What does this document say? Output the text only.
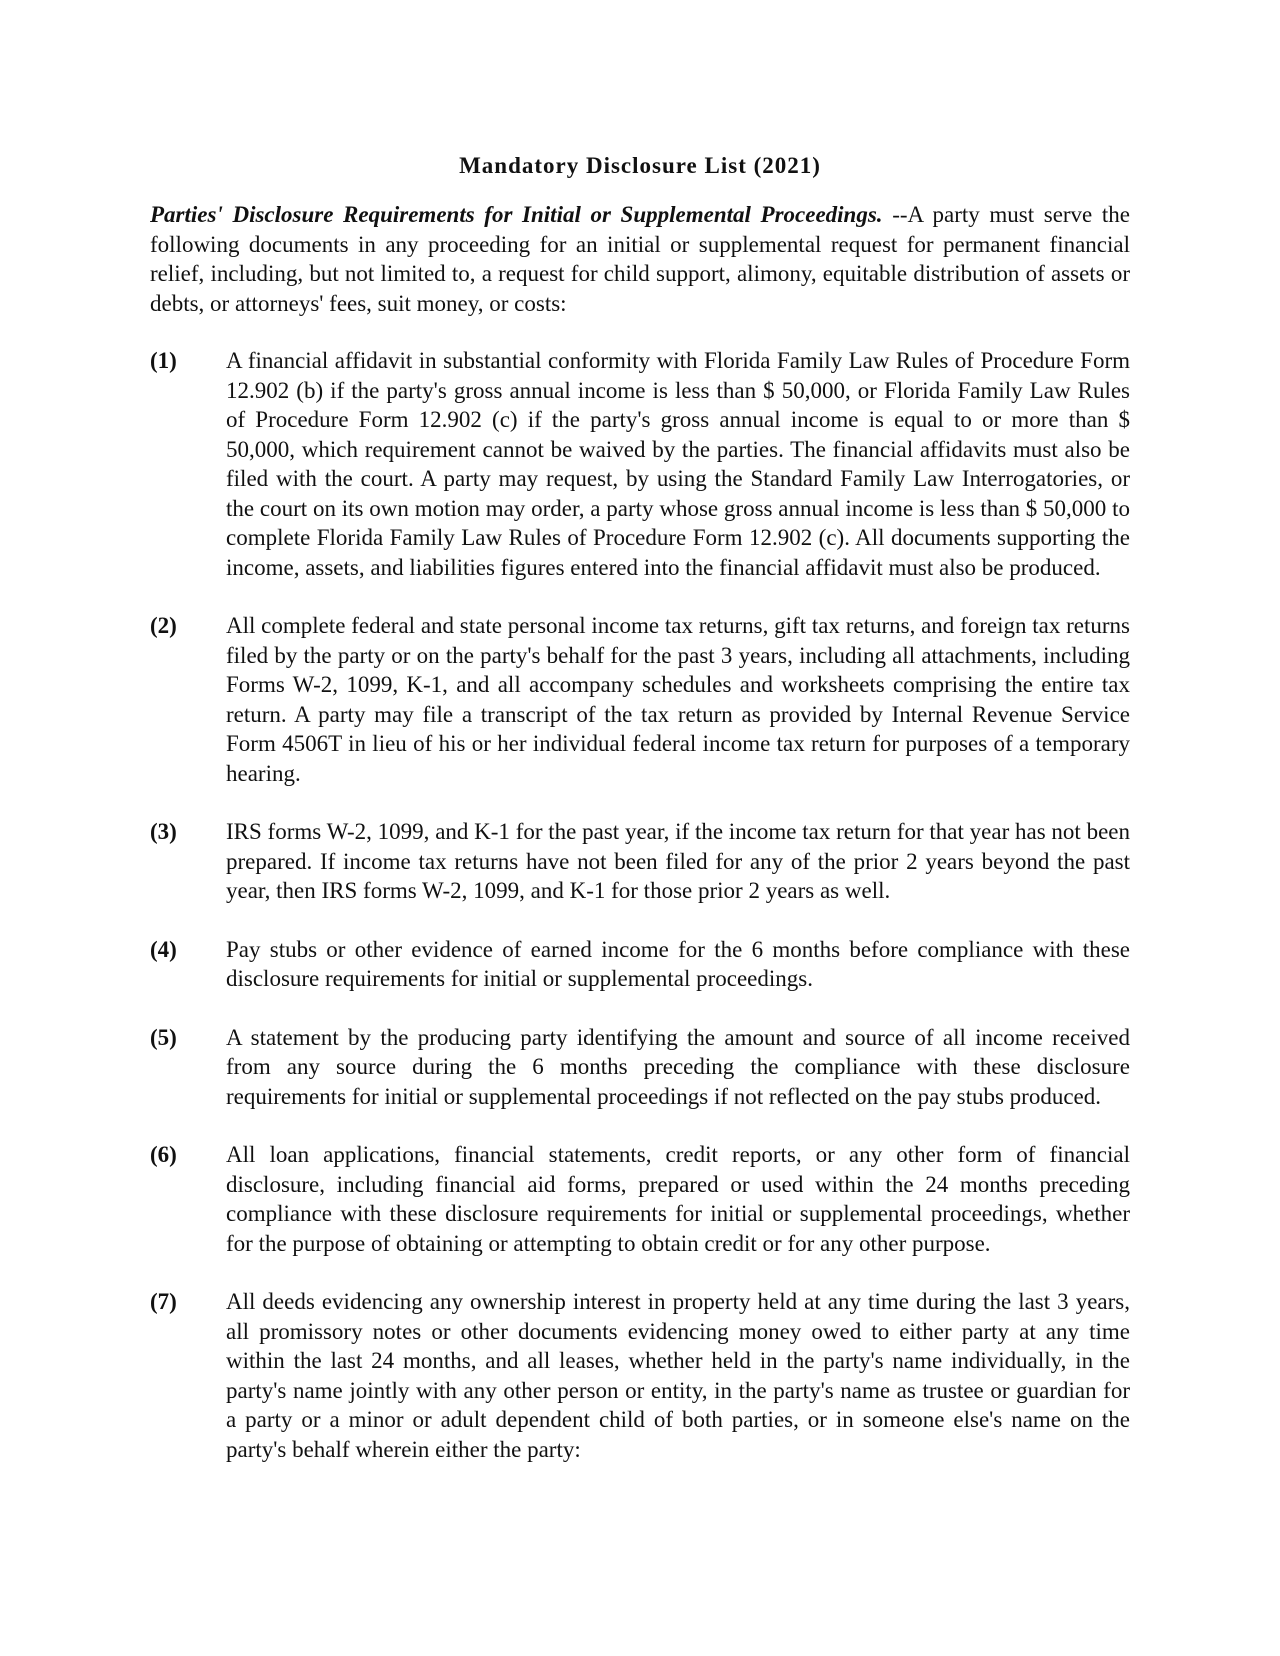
Mandatory Disclosure List (2021)

Parties' Disclosure Requirements for Initial or Supplemental Proceedings. --A party must serve the following documents in any proceeding for an initial or supplemental request for permanent financial relief, including, but not limited to, a request for child support, alimony, equitable distribution of assets or debts, or attorneys' fees, suit money, or costs:

(1)	A financial affidavit in substantial conformity with Florida Family Law Rules of Procedure Form 12.902 (b) if the party's gross annual income is less than $ 50,000, or Florida Family Law Rules of Procedure Form 12.902 (c) if the party's gross annual income is equal to or more than $ 50,000, which requirement cannot be waived by the parties. The financial affidavits must also be filed with the court. A party may request, by using the Standard Family Law Interrogatories, or the court on its own motion may order, a party whose gross annual income is less than $ 50,000 to complete Florida Family Law Rules of Procedure Form 12.902 (c). All documents supporting the income, assets, and liabilities figures entered into the financial affidavit must also be produced.
(2)	All complete federal and state personal income tax returns, gift tax returns, and foreign tax returns filed by the party or on the party's behalf for the past 3 years, including all attachments, including Forms W-2, 1099, K-1, and all accompany schedules and worksheets comprising the entire tax return. A party may file a transcript of the tax return as provided by Internal Revenue Service Form 4506T in lieu of his or her individual federal income tax return for purposes of a temporary hearing.
(3)	IRS forms W-2, 1099, and K-1 for the past year, if the income tax return for that year has not been prepared. If income tax returns have not been filed for any of the prior 2 years beyond the past year, then IRS forms W-2, 1099, and K-1 for those prior 2 years as well.
(4)	Pay stubs or other evidence of earned income for the 6 months before compliance with these disclosure requirements for initial or supplemental proceedings.
(5)	A statement by the producing party identifying the amount and source of all income received from any source during the 6 months preceding the compliance with these disclosure requirements for initial or supplemental proceedings if not reflected on the pay stubs produced.
(6)	All loan applications, financial statements, credit reports, or any other form of financial disclosure, including financial aid forms, prepared or used within the 24 months preceding compliance with these disclosure requirements for initial or supplemental proceedings, whether for the purpose of obtaining or attempting to obtain credit or for any other purpose.
(7)	All deeds evidencing any ownership interest in property held at any time during the last 3 years, all promissory notes or other documents evidencing money owed to either party at any time within the last 24 months, and all leases, whether held in the party's name individually, in the party's name jointly with any other person or entity, in the party's name as trustee or guardian for a party or a minor or adult dependent child of both parties, or in someone else's name on the party's behalf wherein either the party:
